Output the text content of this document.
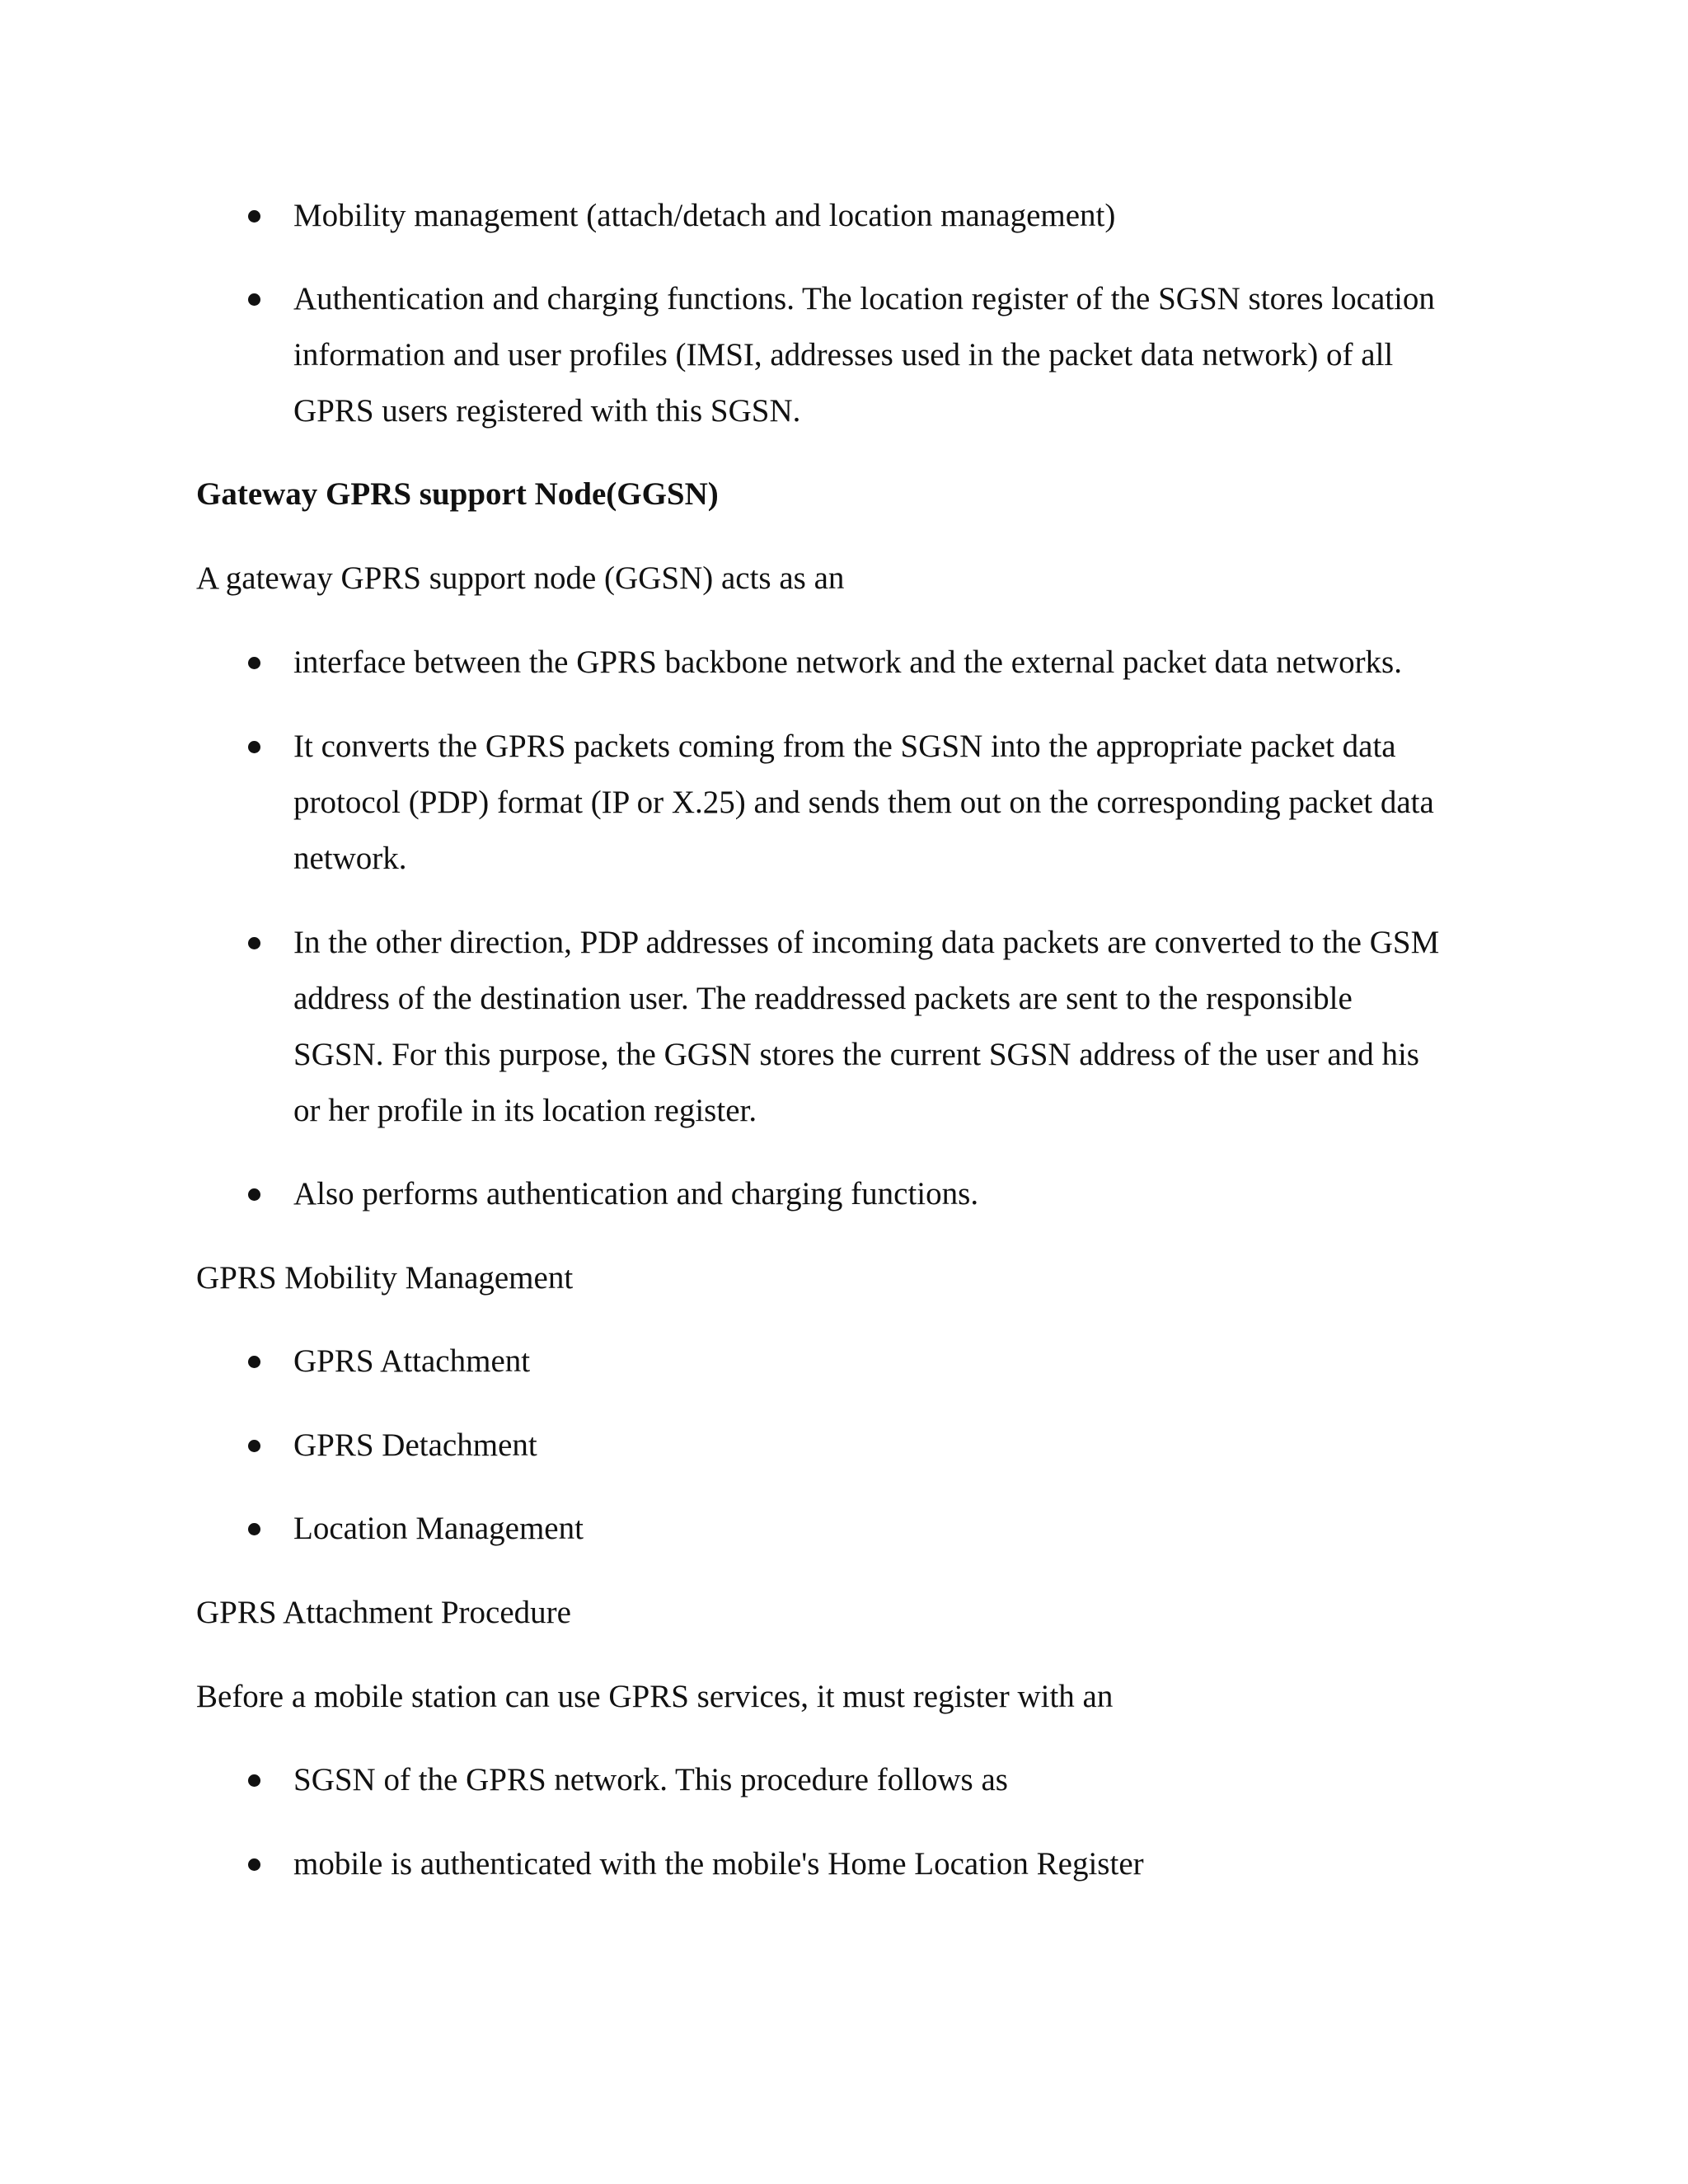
Mobility management (attach/detach and location management)
Authentication and charging functions. The location register of the SGSN stores location
information and user profiles (IMSI, addresses used in the packet data network) of all
GPRS users registered with this SGSN.
Gateway GPRS support Node(GGSN)
A gateway GPRS support node (GGSN) acts as an
interface between the GPRS backbone network and the external packet data networks.
It converts the GPRS packets coming from the SGSN into the appropriate packet data
protocol (PDP) format (IP or X.25) and sends them out on the corresponding packet data
network.
In the other direction, PDP addresses of incoming data packets are converted to the GSM
address of the destination user. The readdressed packets are sent to the responsible
SGSN. For this purpose, the GGSN stores the current SGSN address of the user and his
or her profile in its location register.
Also performs authentication and charging functions.
GPRS Mobility Management
GPRS Attachment
GPRS Detachment
Location Management
GPRS Attachment Procedure
Before a mobile station can use GPRS services, it must register with an
SGSN of the GPRS network. This procedure follows as
mobile is authenticated with the mobile's Home Location Register
